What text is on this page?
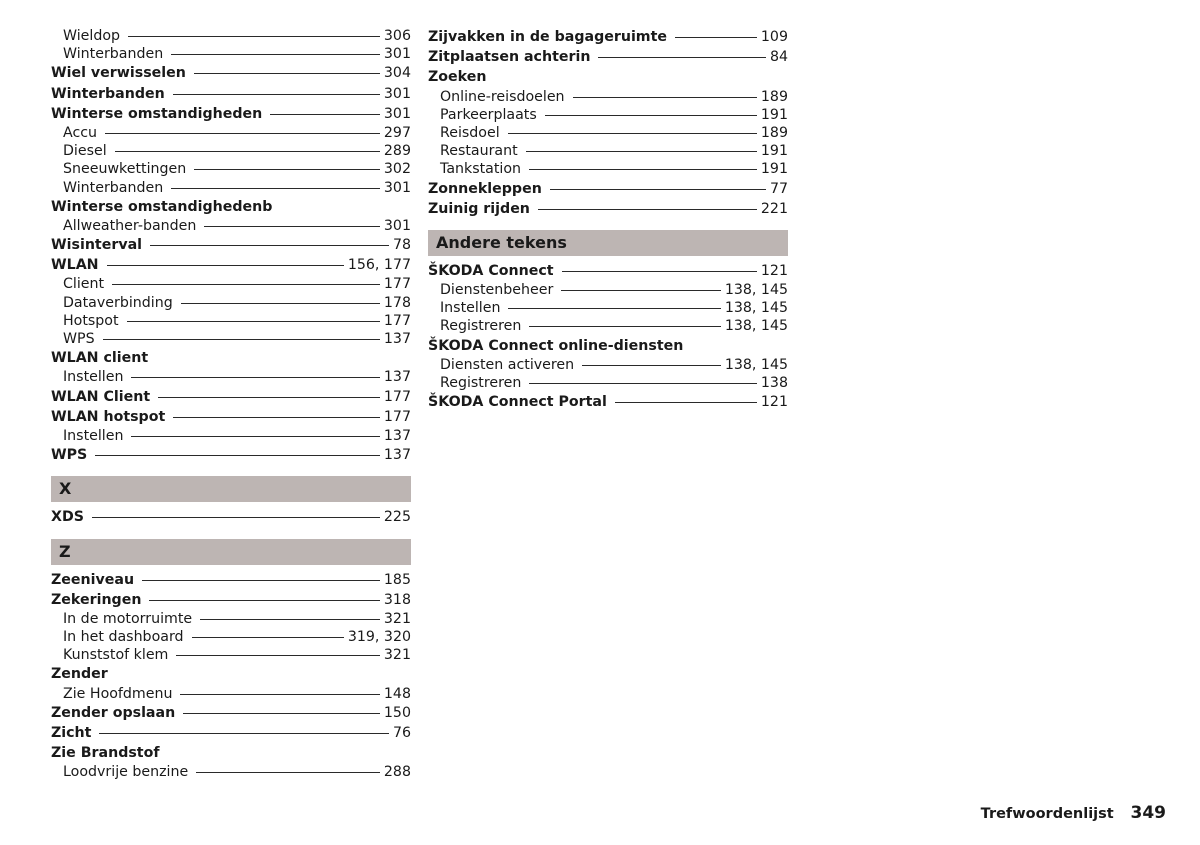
Wieldop	306
Winterbanden	301
Wiel verwisselen	304
Winterbanden	301
Winterse omstandigheden	301
Accu	297
Diesel	289
Sneeuwkettingen	302
Winterbanden	301
Winterse omstandighedenb
Allweather-banden	301
Wisinterval	78
WLAN	156, 177
Client	177
Dataverbinding	178
Hotspot	177
WPS	137
WLAN client
Instellen	137
WLAN Client	177
WLAN hotspot	177
Instellen	137
WPS	137
X
XDS	225
Z
Zeeniveau	185
Zekeringen	318
In de motorruimte	321
In het dashboard	319, 320
Kunststof klem	321
Zender
Zie Hoofdmenu	148
Zender opslaan	150
Zicht	76
Zie Brandstof
Loodvrije benzine	288
Zijvakken in de bagageruimte	109
Zitplaatsen achterin	84
Zoeken
Online-reisdoelen	189
Parkeerplaats	191
Reisdoel	189
Restaurant	191
Tankstation	191
Zonnekleppen	77
Zuinig rijden	221
Andere tekens
ŠKODA Connect	121
Dienstenbeheer	138, 145
Instellen	138, 145
Registreren	138, 145
ŠKODA Connect online-diensten
Diensten activeren	138, 145
Registreren	138
ŠKODA Connect Portal	121
Trefwoordenlijst 349
